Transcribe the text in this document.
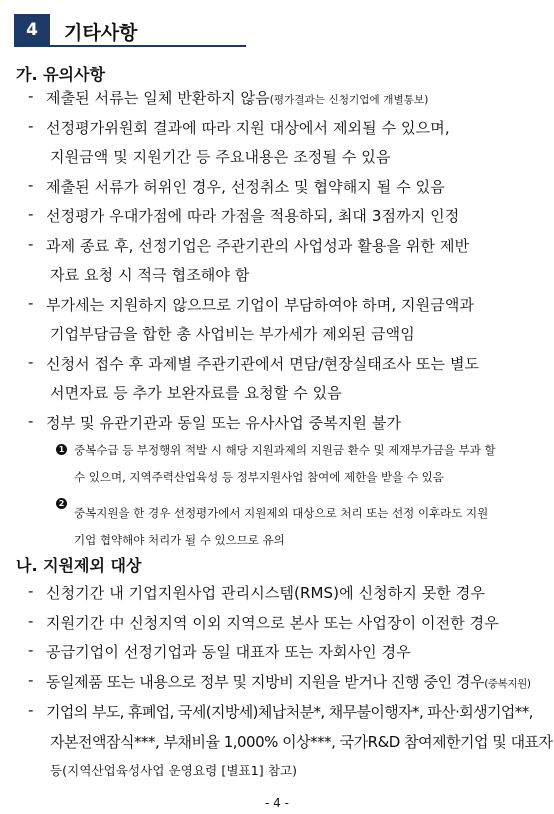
4	기타사항
가. 유의사항
- 제출된 서류는 일체 반환하지 않음(평가결과는 신청기업에 개별통보)
- 선정평가위원회 결과에 따라 지원 대상에서 제외될 수 있으며,
지원금액 및 지원기간 등 주요내용은 조정될 수 있음
- 제출된 서류가 허위인 경우, 선정취소 및 협약해지 될 수 있음
- 선정평가 우대가점에 따라 가점을 적용하되, 최대 3점까지 인정
- 과제 종료 후, 선정기업은 주관기관의 사업성과 활용을 위한 제반
자료 요청 시 적극 협조해야 함
- 부가세는 지원하지 않으므로 기업이 부담하여야 하며, 지원금액과
기업부담금을 합한 총 사업비는 부가세가 제외된 금액임
- 신청서 접수 후 과제별 주관기관에서 면담/현장실태조사 또는 별도
서면자료 등 추가 보완자료를 요청할 수 있음
- 정부 및 유관기관과 동일 또는 유사사업 중복지원 불가
1 중복수급 등 부정행위 적발 시 해당 지원과제의 지원금 환수 및 제재부가금을 부과 할
수 있으며, 지역주력산업육성 등 정부지원사업 참여에 제한을 받을 수 있음
2
중복지원을 한 경우 선정평가에서 지원제외 대상으로 처리 또는 선정 이후라도 지원
기업 협약해야 처리가 될 수 있으므로 유의
나. 지원제외 대상
- 신청기간 내 기업지원사업 관리시스템(RMS)에 신청하지 못한 경우
- 지원기간 中 신청지역 이외 지역으로 본사 또는 사업장이 이전한 경우
- 공급기업이 선정기업과 동일 대표자 또는 자회사인 경우
- 동일제품 또는 내용으로 정부 및 지방비 지원을 받거나 진행 중인 경우(중복지원)
- 기업의 부도, 휴폐업, 국세(지방세)체납처분*, 채무불이행자*, 파산·회생기업**,
자본전액잠식***, 부채비율 1,000% 이상***, 국가R&D 참여제한기업 및 대표자
등(지역산업육성사업 운영요령 [별표1] 참고)
- 4 -
